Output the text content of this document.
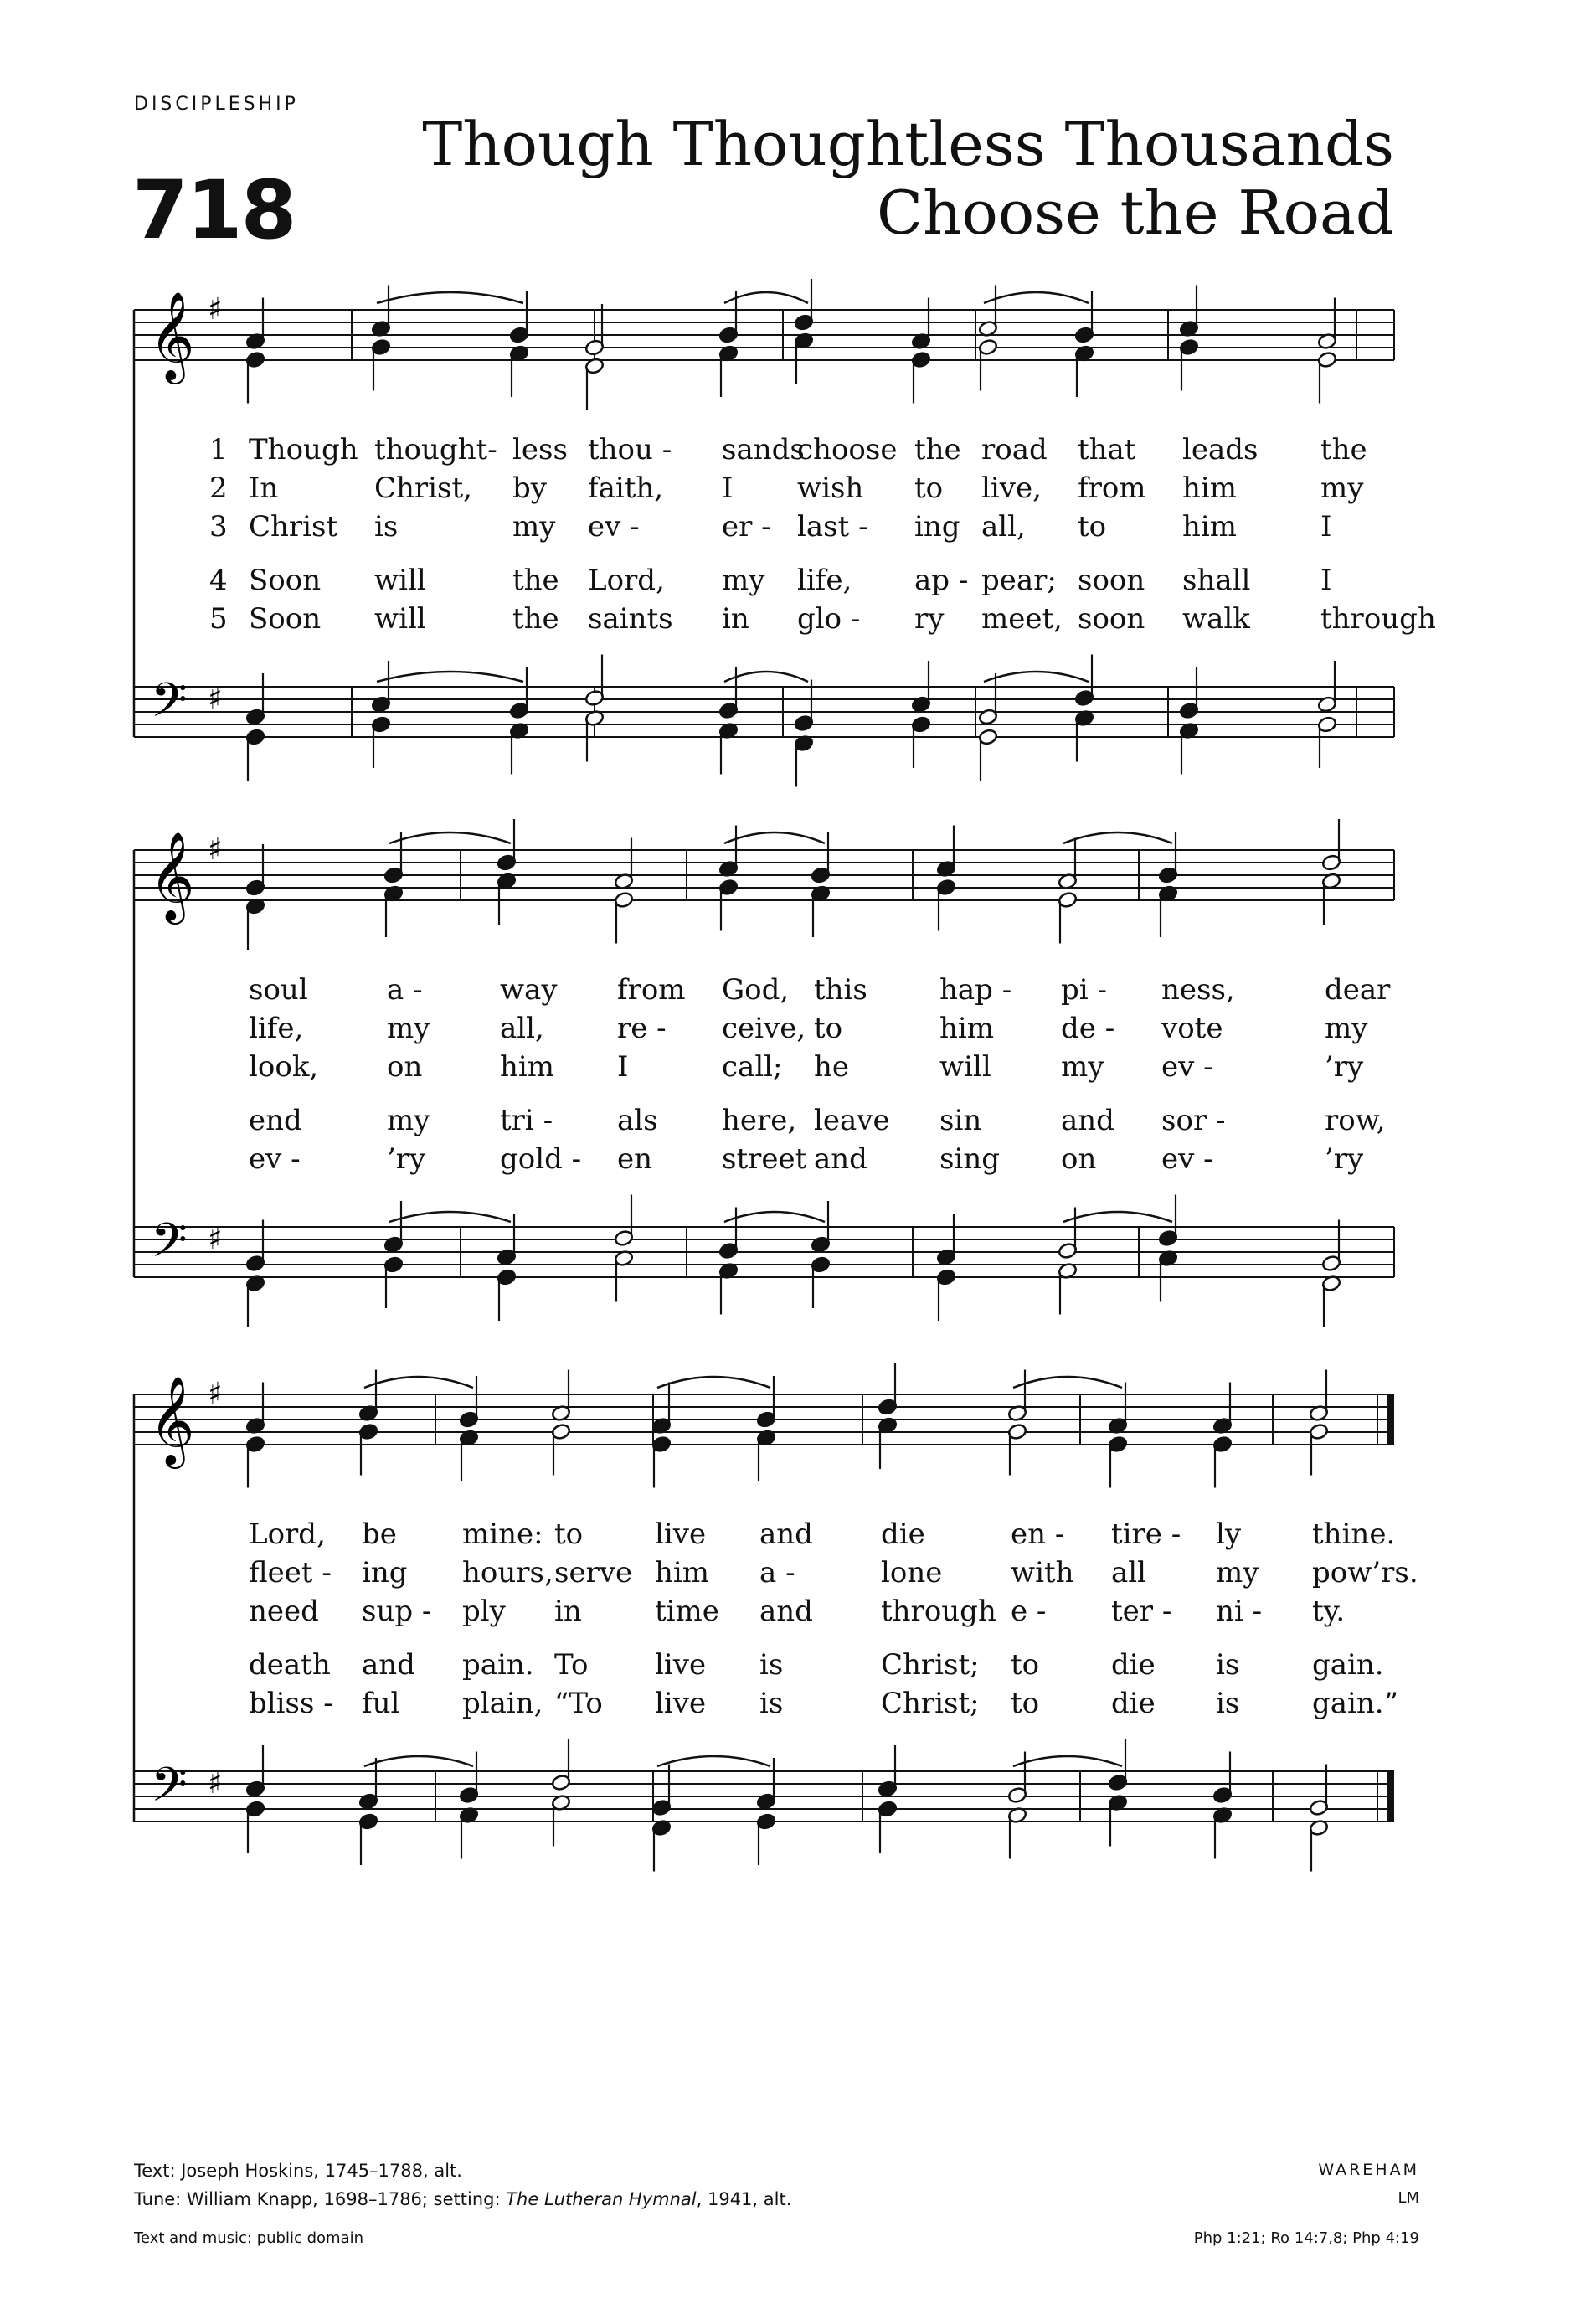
DISCIPLESHIP
718
Though Thoughtless Thousands
Choose the Road
𝄞
𝄢
♯
♯
𝄞
𝄢
♯
♯
𝄞
𝄢
♯
♯
1 Though thought- less thou - sands
choose the road that leads the
2 In	Christ, by faith, I wish to live, from him	my
3 Christ is	my ev -	er - last - ing all, to	him	I
4 Soon will	the Lord, my life, ap - pear; soon shall I
5 Soon will	the saints in glo - ry meet, soon walk through
soul	a -	way from God, this	hap - pi - ness,	dear
life,	my all,	re - ceive, to	him de - vote	my
look, on	him I	call; he	will my ev -	’ry
end	my tri - als here, leave sin	and sor -	row,
ev -	’ry	gold - en street and	sing on ev -	’ry
Lord, be mine: to	live and die	en - tire - ly thine.
fleet - ing hours, serve him a -	lone with all my pow’rs.
need sup - ply in	time and through e - ter - ni - ty.
death and pain. To live is	Christ; to	die is	gain.
bliss - ful plain, “To live is	Christ; to	die is	gain.”
Text: Joseph Hoskins, 1745–1788, alt.
Tune: William Knapp, 1698–1786; setting: The Lutheran Hymnal, 1941, alt.
Text and music: public domain
WAREHAM
LM
Php 1:21; Ro 14:7,8; Php 4:19
